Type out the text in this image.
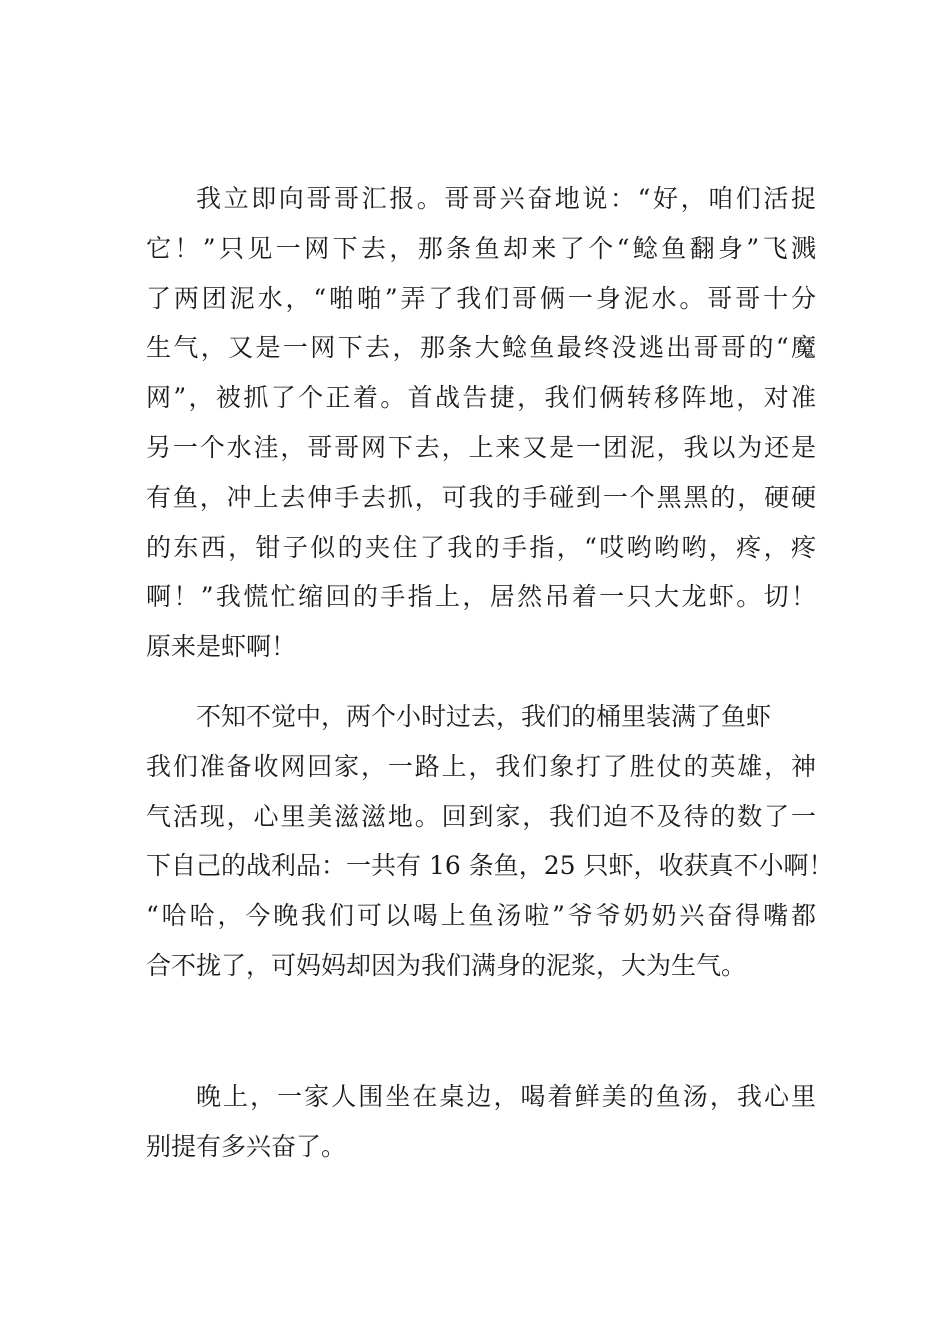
我立即向哥哥汇报。哥哥兴奋地说：“好，咱们活捉
它！”只见一网下去，那条鱼却来了个“鲶鱼翻身”飞溅
了两团泥水，“啪啪”弄了我们哥俩一身泥水。哥哥十分
生气，又是一网下去，那条大鲶鱼最终没逃出哥哥的“魔
网”，被抓了个正着。首战告捷，我们俩转移阵地，对准
另一个水洼，哥哥网下去，上来又是一团泥，我以为还是
有鱼，冲上去伸手去抓，可我的手碰到一个黑黑的，硬硬
的东西，钳子似的夹住了我的手指，“哎哟哟哟，疼，疼
啊！”我慌忙缩回的手指上，居然吊着一只大龙虾。切！
原来是虾啊！
不知不觉中，两个小时过去，我们的桶里装满了鱼虾
我们准备收网回家，一路上，我们象打了胜仗的英雄，神
气活现，心里美滋滋地。回到家，我们迫不及待的数了一
下自己的战利品：一共有 16 条鱼，25 只虾，收获真不小啊！
“哈哈，今晚我们可以喝上鱼汤啦”爷爷奶奶兴奋得嘴都
合不拢了，可妈妈却因为我们满身的泥浆，大为生气。
晚上，一家人围坐在桌边，喝着鲜美的鱼汤，我心里
别提有多兴奋了。
